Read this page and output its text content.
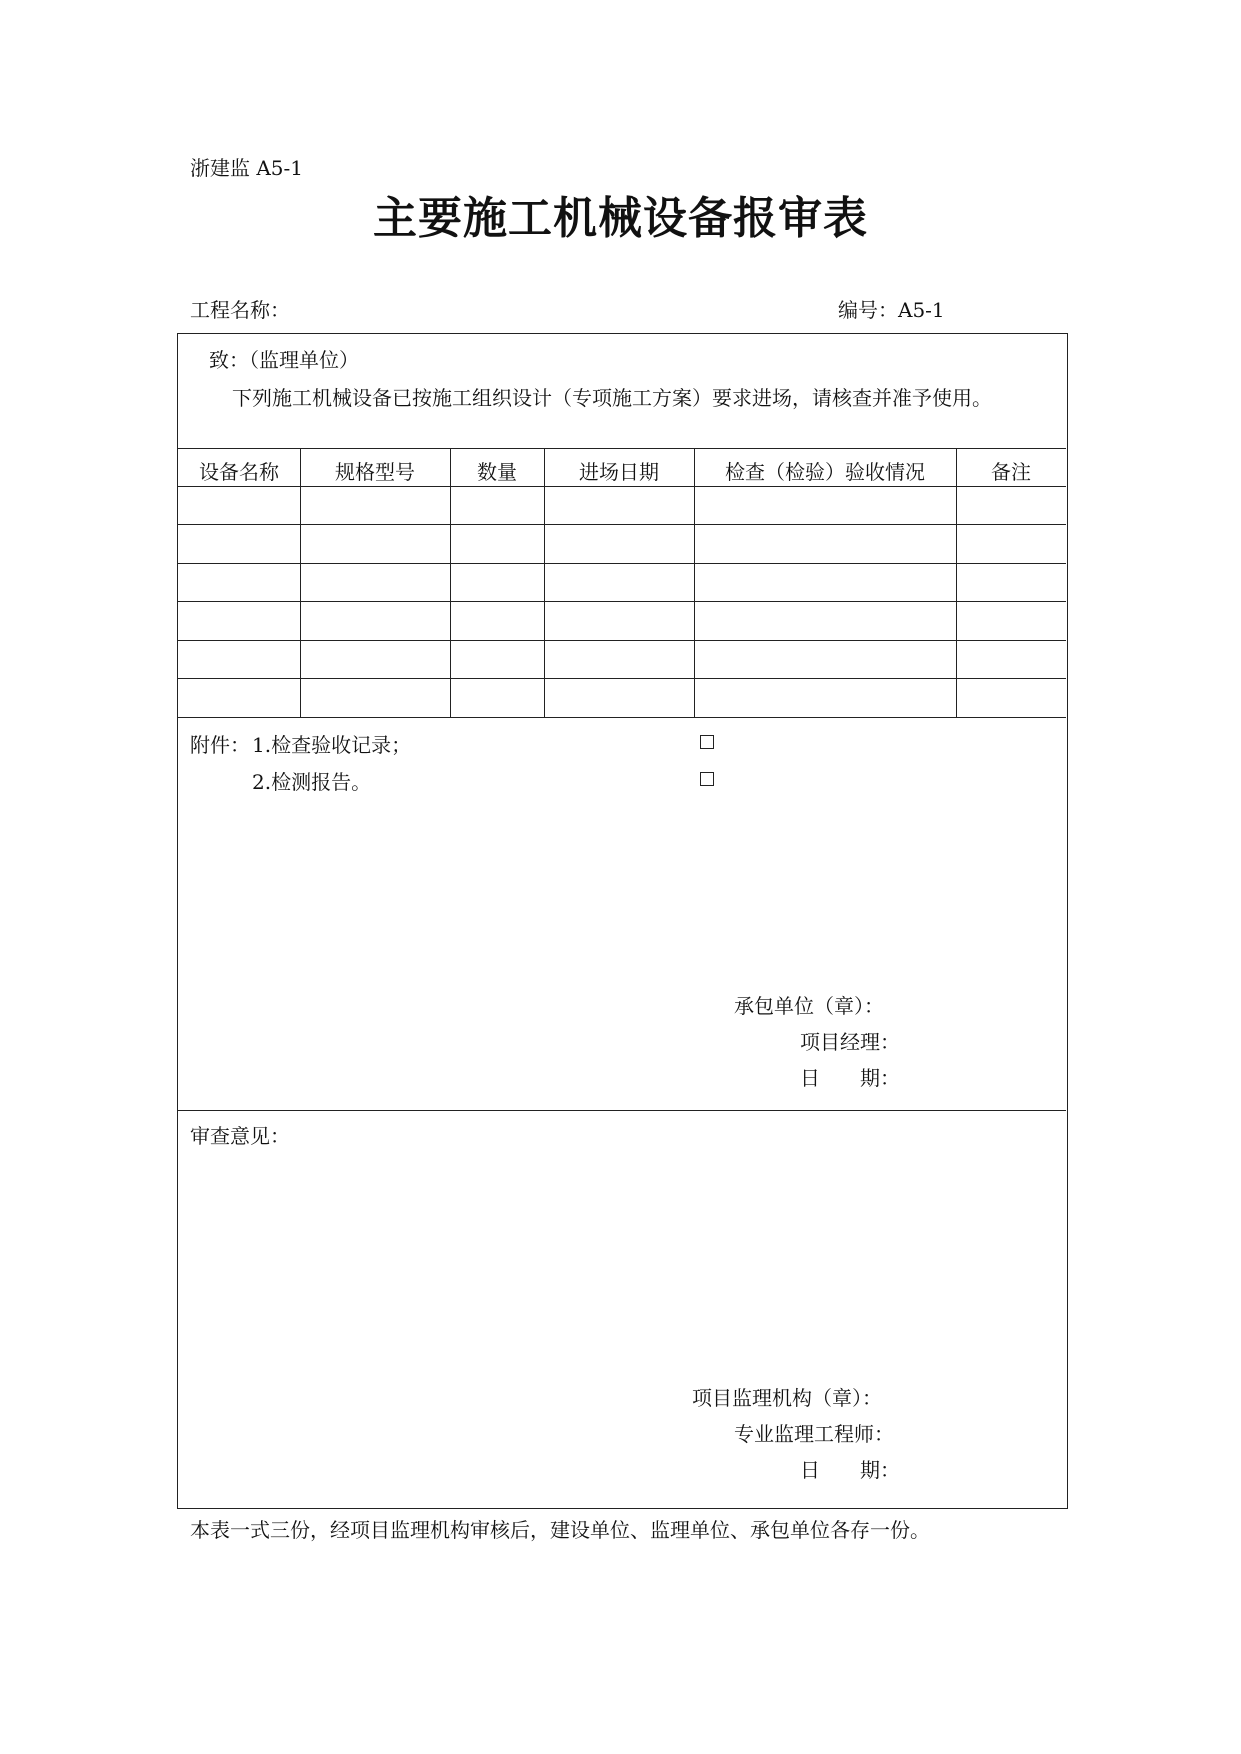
浙建监 A5-1
主要施工机械设备报审表
工程名称：	编号：A5-1
致：（监理单位）
下列施工机械设备已按施工组织设计（专项施工方案）要求进场，请核查并准予使用。
设备名称	规格型号	数量	进场日期	检查（检验）验收情况	备注
附件： 1.检查验收记录；
2.检测报告。
承包单位（章）：
项目经理：
日　　期：
审查意见：
项目监理机构（章）：
专业监理工程师：
日　　期：
本表一式三份，经项目监理机构审核后，建设单位、监理单位、承包单位各存一份。
